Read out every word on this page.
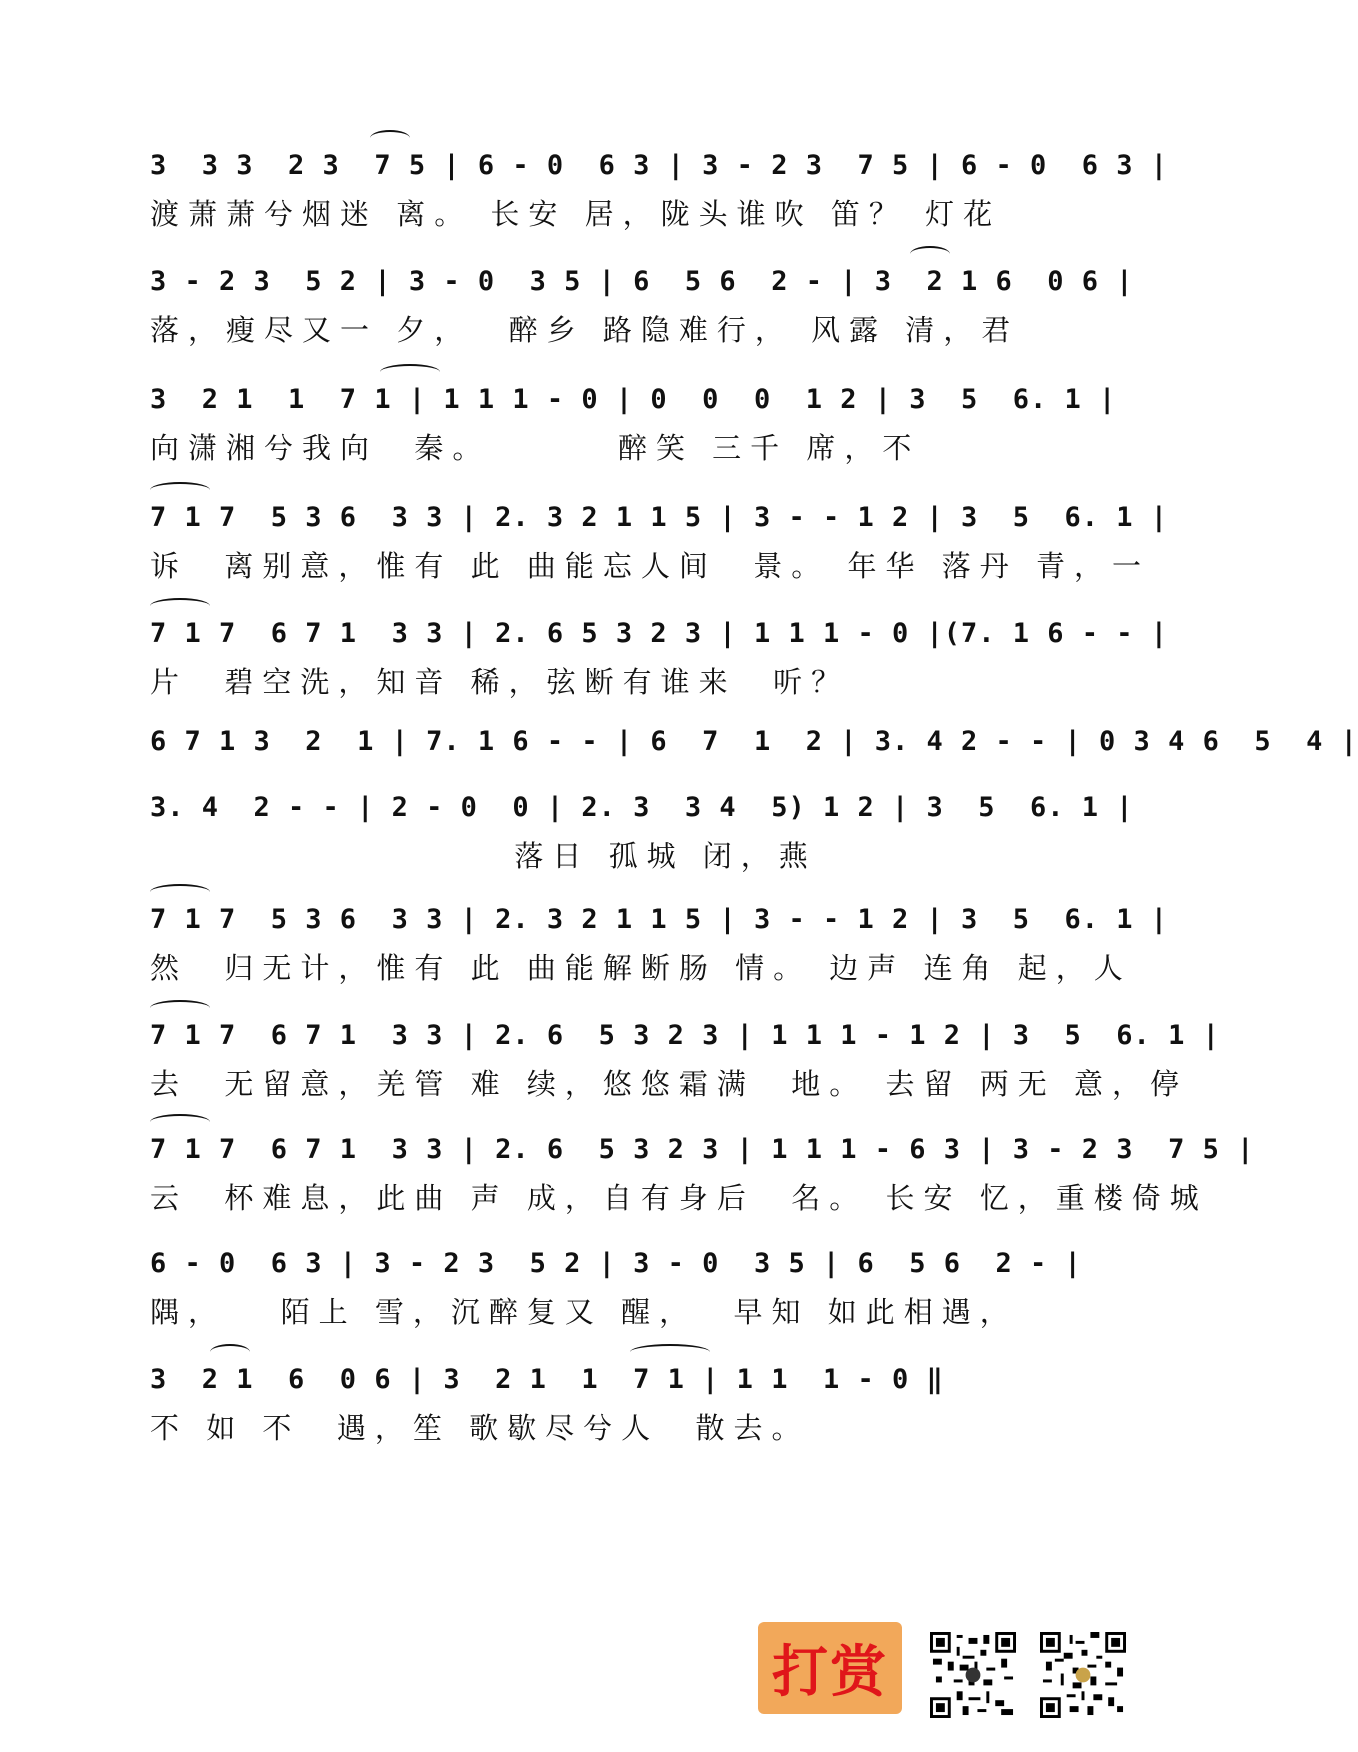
3  3 3  2 3  7 5 | 6 - 0  6 3 | 3 - 2 3  7 5 | 6 - 0  6 3 |
渡萧萧兮烟迷 离。 长安 居，陇头谁吹 笛？ 灯花
3 - 2 3  5 2 | 3 - 0  3 5 | 6  5 6  2 - | 3  2 1 6  0 6 |
落，瘦尽又一 夕，  醉乡 路隐难行， 风露 清，君
3  2 1  1  7 1 | 1 1 1 - 0 | 0  0  0  1 2 | 3  5  6. 1 |
向潇湘兮我向  秦。       醉笑 三千 席，不
7 1 7  5 3 6  3 3 | 2. 3 2 1 1 5 | 3 - - 1 2 | 3  5  6. 1 |
诉  离别意，惟有 此 曲能忘人间  景。 年华 落丹 青，一
7 1 7  6 7 1  3 3 | 2. 6 5 3 2 3 | 1 1 1 - 0 |(7. 1 6 - - |
片  碧空洗，知音 稀，弦断有谁来  听？
6 7 1 3  2  1 | 7. 1 6 - - | 6  7  1  2 | 3. 4 2 - - | 0 3 4 6  5  4 |
3. 4  2 - - | 2 - 0  0 | 2. 3  3 4  5) 1 2 | 3  5  6. 1 |
落日 孤城 闭，燕
7 1 7  5 3 6  3 3 | 2. 3 2 1 1 5 | 3 - - 1 2 | 3  5  6. 1 |
然  归无计，惟有 此 曲能解断肠 情。 边声 连角 起，人
7 1 7  6 7 1  3 3 | 2. 6  5 3 2 3 | 1 1 1 - 1 2 | 3  5  6. 1 |
去  无留意，羌管 难 续，悠悠霜满  地。 去留 两无 意，停
7 1 7  6 7 1  3 3 | 2. 6  5 3 2 3 | 1 1 1 - 6 3 | 3 - 2 3  7 5 |
云  杯难息，此曲 声 成，自有身后  名。 长安 忆，重楼倚城
6 - 0  6 3 | 3 - 2 3  5 2 | 3 - 0  3 5 | 6  5 6  2 - |
隅，   陌上 雪，沉醉复又 醒，  早知 如此相遇，
3  2 1  6  0 6 | 3  2 1  1  7 1 | 1 1  1 - 0 ‖
不 如 不  遇，笙 歌歇尽兮人  散去。
打赏
